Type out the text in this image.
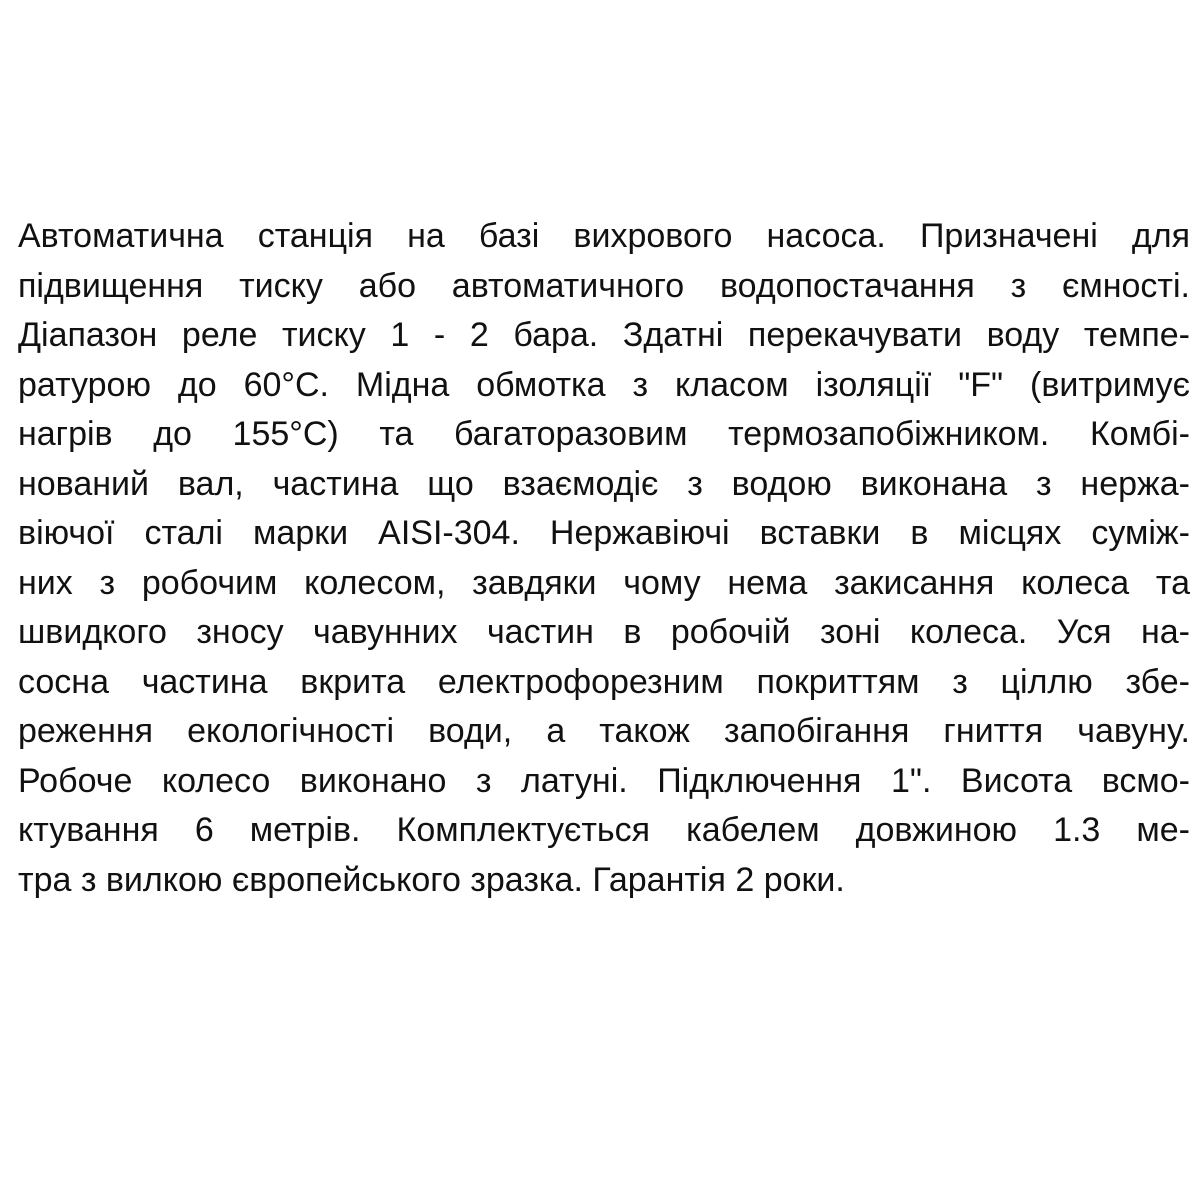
Автоматична станція на базі вихрового насоса. Призначені для
підвищення тиску або автоматичного водопостачання з ємності.
Діапазон реле тиску 1 - 2 бара. Здатні перекачувати воду темпе-
ратурою до 60°C. Мідна обмотка з класом ізоляції "F" (витримує
нагрів до 155°C) та багаторазовим термозапобіжником. Комбі-
нований вал, частина що взаємодіє з водою виконана з нержа-
віючої сталі марки AISI-304. Нержавіючі вставки в місцях суміж-
них з робочим колесом, завдяки чому нема закисання колеса та
швидкого зносу чавунних частин в робочій зоні колеса. Уся на-
сосна частина вкрита електрофорезним покриттям з ціллю збе-
реження екологічності води, а також запобігання гниття чавуну.
Робоче колесо виконано з латуні. Підключення 1". Висота всмо-
ктування 6 метрів. Комплектується кабелем довжиною 1.3 ме-
тра з вилкою європейського зразка. Гарантія 2 роки.
